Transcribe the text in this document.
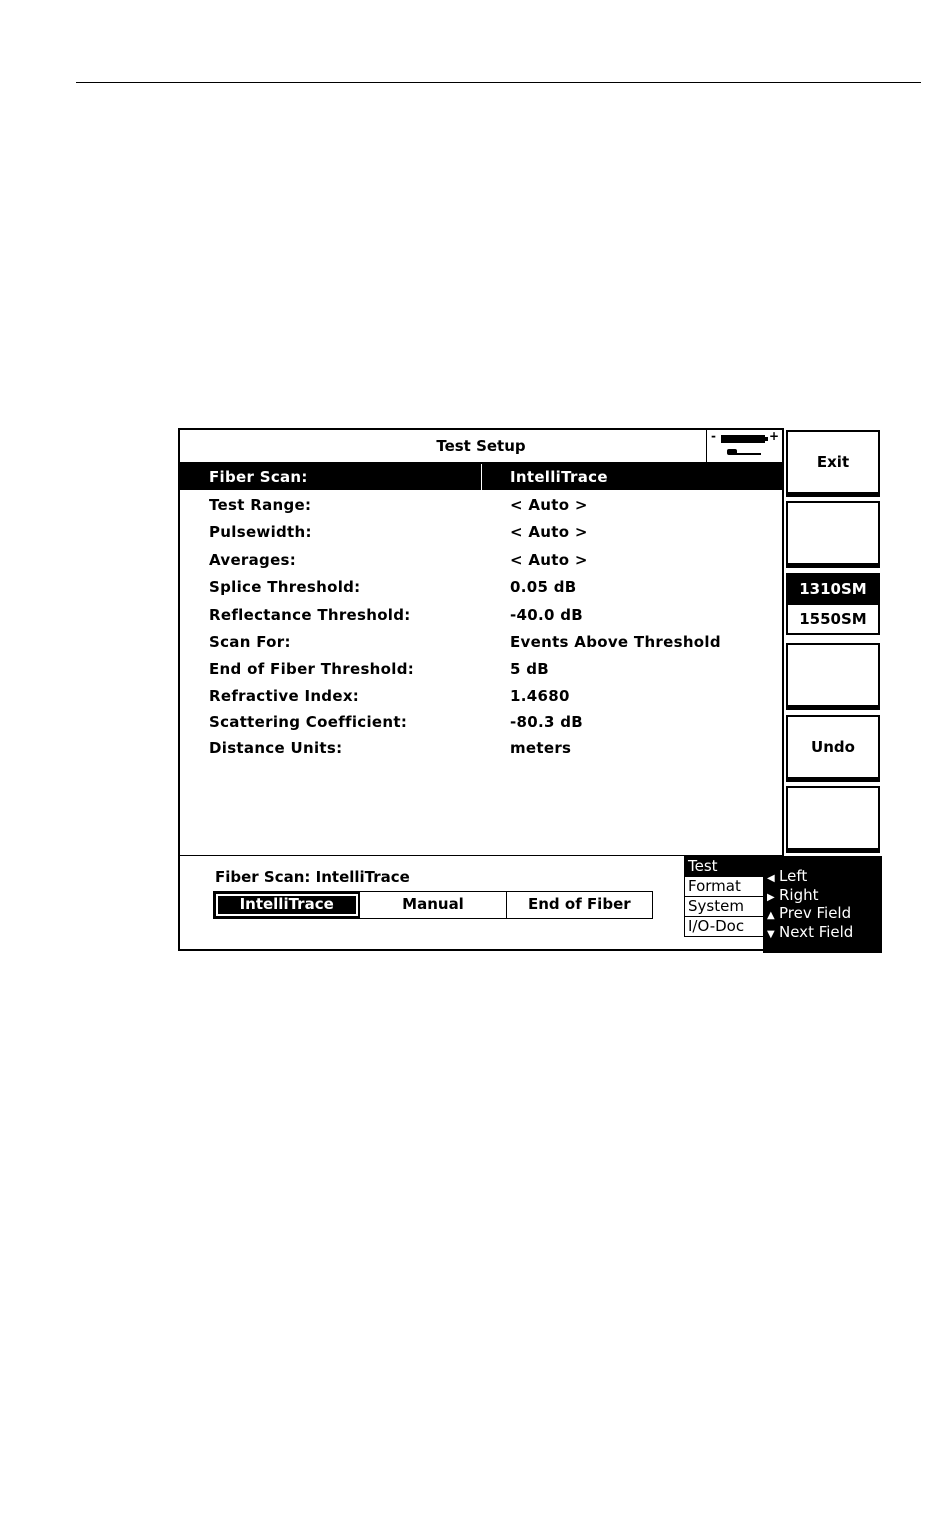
Test Setup
-	+
Fiber Scan:	IntelliTrace
Test Range:	< Auto >
Pulsewidth:	< Auto >
Averages:	< Auto >
Splice Threshold:	0.05 dB
Reflectance Threshold:	-40.0 dB
Scan For:	Events Above Threshold
End of Fiber Threshold:	5 dB
Refractive Index:	1.4680
Scattering Coefficient:	-80.3 dB
Distance Units:	meters
Fiber Scan: IntelliTrace
IntelliTrace	Manual	End of Fiber
Test
Format
System
I/O-Doc
◀ Left
▶ Right
▲ Prev Field
▼ Next Field
Exit
1310SM
1550SM
Undo
